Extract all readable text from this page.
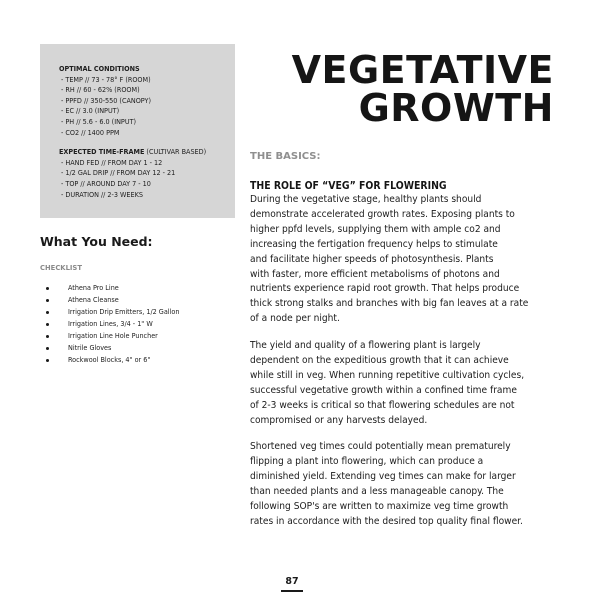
OPTIMAL CONDITIONS
- TEMP // 73 - 78° F (ROOM)
- RH // 60 - 62% (ROOM)
- PPFD // 350-550 (CANOPY)
- EC // 3.0 (INPUT)
- PH // 5.6 - 6.0 (INPUT)
- CO2 // 1400 PPM
EXPECTED TIME-FRAME (CULTIVAR BASED)
- HAND FED // FROM DAY 1 - 12
- 1/2 GAL DRIP // FROM DAY 12 - 21
- TOP // AROUND DAY 7 - 10
- DURATION // 2-3 WEEKS
VEGETATIVE
GROWTH
What You Need:
CHECKLIST
Athena Pro Line
Athena Cleanse
Irrigation Drip Emitters, 1/2 Gallon
Irrigation Lines, 3/4 - 1" W
Irrigation Line Hole Puncher
Nitrile Gloves
Rockwool Blocks, 4" or 6"
THE BASICS:
THE ROLE OF “VEG” FOR FLOWERING

During the vegetative stage, healthy plants should
demonstrate accelerated growth rates. Exposing plants to
higher ppfd levels, supplying them with ample co2 and
increasing the fertigation frequency helps to stimulate
and facilitate higher speeds of photosynthesis. Plants
with faster, more efficient metabolisms of photons and
nutrients experience rapid root growth. That helps produce
thick strong stalks and branches with big fan leaves at a rate
of a node per night.

The yield and quality of a flowering plant is largely
dependent on the expeditious growth that it can achieve
while still in veg. When running repetitive cultivation cycles,
successful vegetative growth within a confined time frame
of 2-3 weeks is critical so that flowering schedules are not
compromised or any harvests delayed.

Shortened veg times could potentially mean prematurely
flipping a plant into flowering, which can produce a
diminished yield. Extending veg times can make for larger
than needed plants and a less manageable canopy. The
following SOP's are written to maximize veg time growth
rates in accordance with the desired top quality final flower.

87
